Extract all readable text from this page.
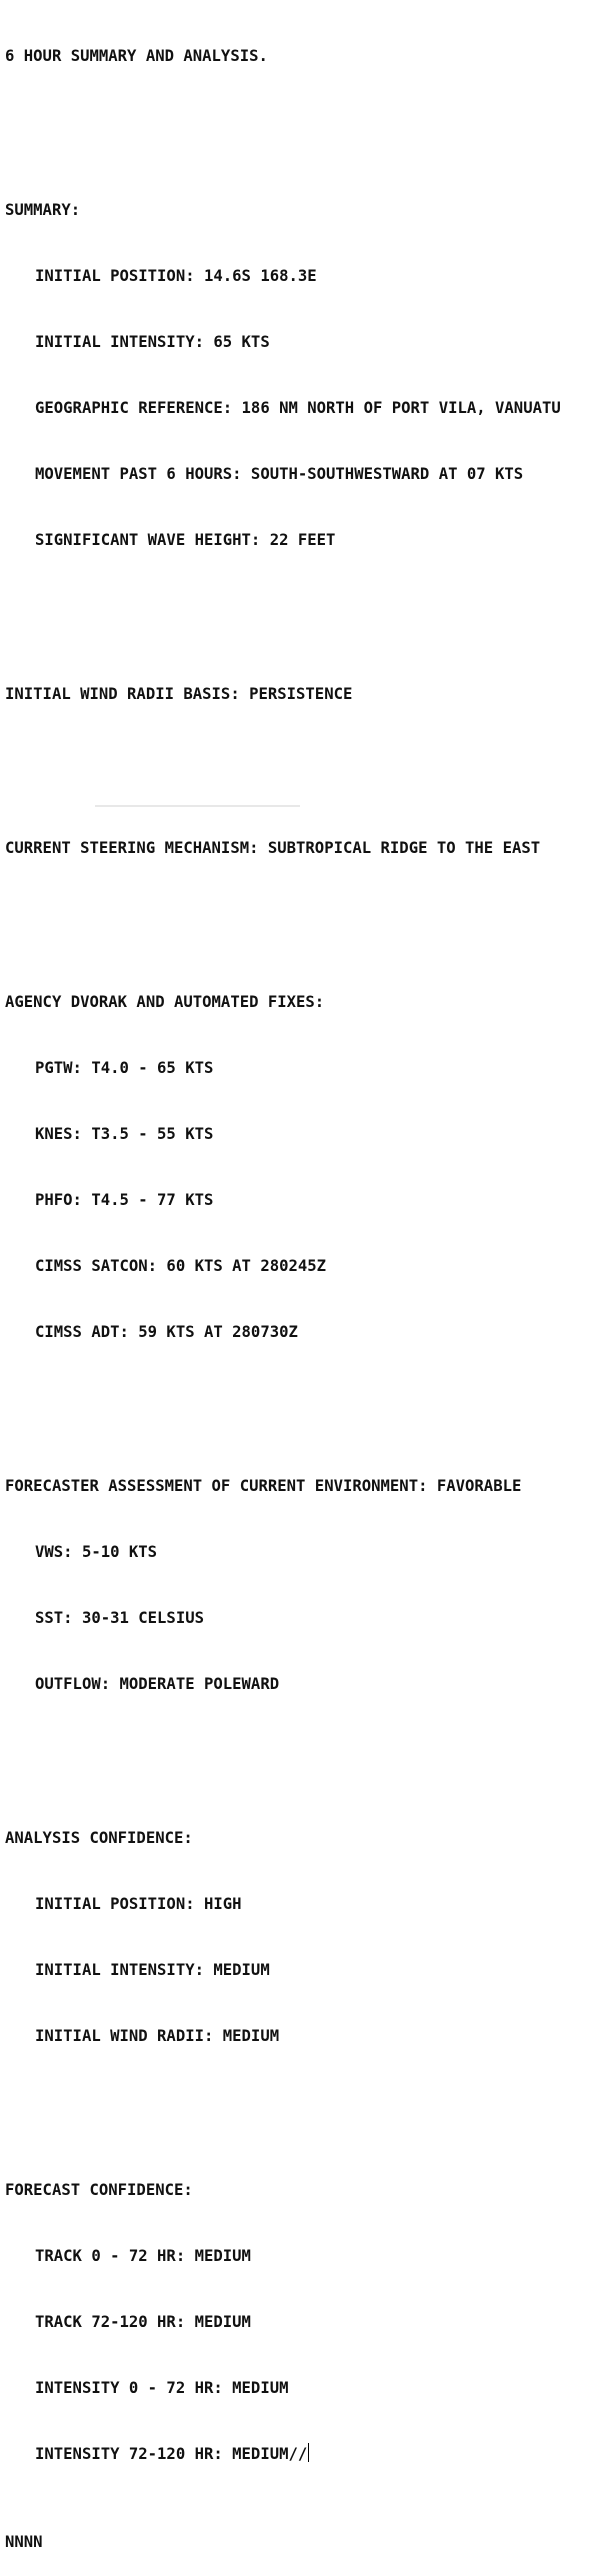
6 HOUR SUMMARY AND ANALYSIS.

SUMMARY:

INITIAL POSITION: 14.6S 168.3E

INITIAL INTENSITY: 65 KTS

GEOGRAPHIC REFERENCE: 186 NM NORTH OF PORT VILA, VANUATU

MOVEMENT PAST 6 HOURS: SOUTH-SOUTHWESTWARD AT 07 KTS

SIGNIFICANT WAVE HEIGHT: 22 FEET

INITIAL WIND RADII BASIS: PERSISTENCE

CURRENT STEERING MECHANISM: SUBTROPICAL RIDGE TO THE EAST

AGENCY DVORAK AND AUTOMATED FIXES:

PGTW: T4.0 - 65 KTS

KNES: T3.5 - 55 KTS

PHFO: T4.5 - 77 KTS

CIMSS SATCON: 60 KTS AT 280245Z

CIMSS ADT: 59 KTS AT 280730Z

FORECASTER ASSESSMENT OF CURRENT ENVIRONMENT: FAVORABLE

VWS: 5-10 KTS

SST: 30-31 CELSIUS

OUTFLOW: MODERATE POLEWARD

ANALYSIS CONFIDENCE:

INITIAL POSITION: HIGH

INITIAL INTENSITY: MEDIUM

INITIAL WIND RADII: MEDIUM

FORECAST CONFIDENCE:

TRACK 0 - 72 HR: MEDIUM

TRACK 72-120 HR: MEDIUM

INTENSITY 0 - 72 HR: MEDIUM

INTENSITY 72-120 HR: MEDIUM//

NNNN
